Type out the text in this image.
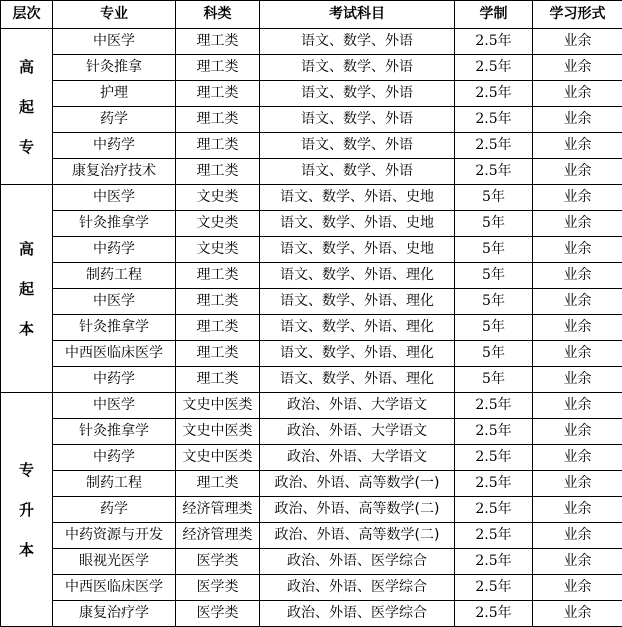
层次	专业	科类	考试科目	学制	学习形式

高
起
专	中医学	理工类	语文、数学、外语	2.5年	业余
	针灸推拿	理工类	语文、数学、外语	2.5年	业余
	护理	理工类	语文、数学、外语	2.5年	业余
	药学	理工类	语文、数学、外语	2.5年	业余
	中药学	理工类	语文、数学、外语	2.5年	业余
	康复治疗技术	理工类	语文、数学、外语	2.5年	业余

高
起
本	中医学	文史类	语文、数学、外语、史地	5年	业余
	针灸推拿学	文史类	语文、数学、外语、史地	5年	业余
	中药学	文史类	语文、数学、外语、史地	5年	业余
	制药工程	理工类	语文、数学、外语、理化	5年	业余
	中医学	理工类	语文、数学、外语、理化	5年	业余
	针灸推拿学	理工类	语文、数学、外语、理化	5年	业余
	中西医临床医学	理工类	语文、数学、外语、理化	5年	业余
	中药学	理工类	语文、数学、外语、理化	5年	业余

专
升
本	中医学	文史中医类	政治、外语、大学语文	2.5年	业余
	针灸推拿学	文史中医类	政治、外语、大学语文	2.5年	业余
	中药学	文史中医类	政治、外语、大学语文	2.5年	业余
	制药工程	理工类	政治、外语、高等数学(一)	2.5年	业余
	药学	经济管理类	政治、外语、高等数学(二)	2.5年	业余
	中药资源与开发	经济管理类	政治、外语、高等数学(二)	2.5年	业余
	眼视光医学	医学类	政治、外语、医学综合	2.5年	业余
	中西医临床医学	医学类	政治、外语、医学综合	2.5年	业余
	康复治疗学	医学类	政治、外语、医学综合	2.5年	业余
